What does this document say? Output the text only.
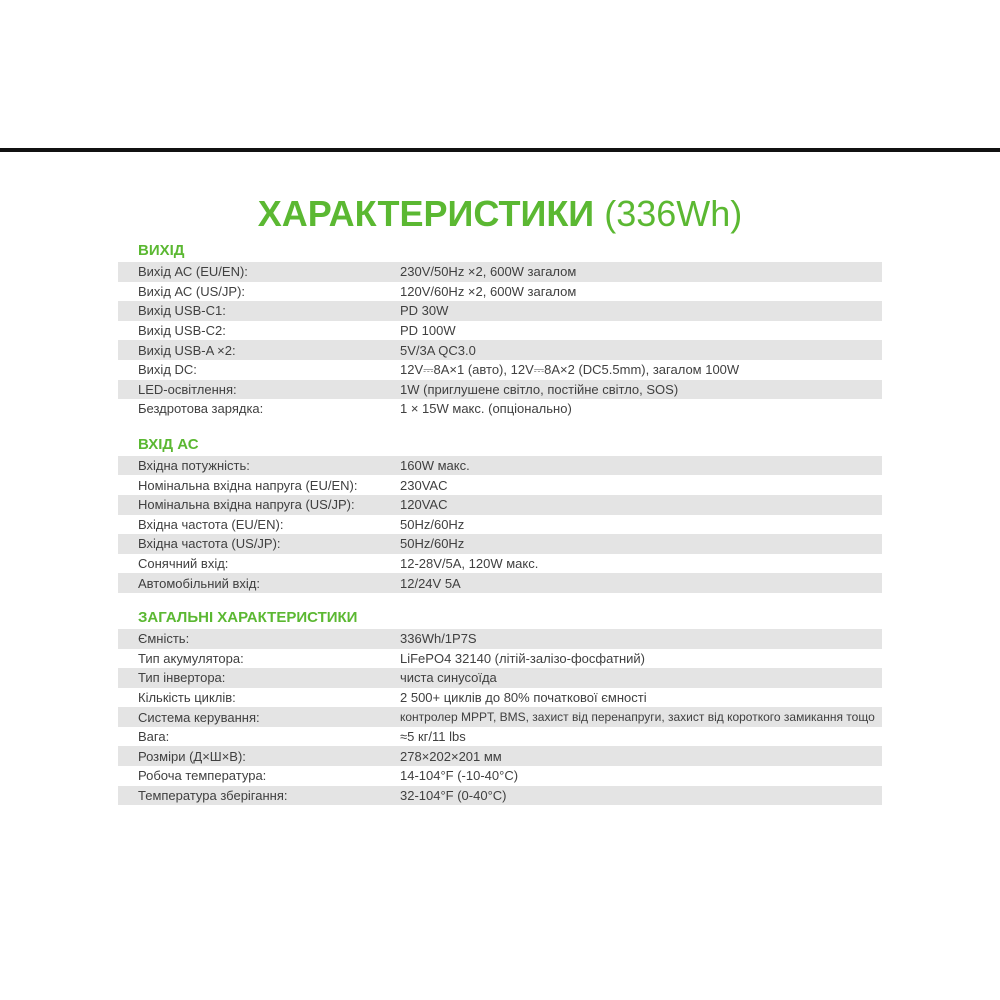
ХАРАКТЕРИСТИКИ (336Wh)
ВИХІД
Вихід АС (EU/EN):	230V/50Hz ×2, 600W загалом
Вихід АС (US/JP):	120V/60Hz ×2, 600W загалом
Вихід USB-C1:	PD 30W
Вихід USB-C2:	PD 100W
Вихід USB-A ×2:	5V/3A QC3.0
Вихід DC:	12V⎓8A×1 (авто), 12V⎓8A×2 (DC5.5mm), загалом 100W
LED-освітлення:	1W (приглушене світло, постійне світло, SOS)
Бездротова зарядка:	1 × 15W макс. (опціонально)
ВХІД АС
Вхідна потужність:	160W макс.
Номінальна вхідна напруга (EU/EN):	230VAC
Номінальна вхідна напруга (US/JP):	120VAC
Вхідна частота (EU/EN):	50Hz/60Hz
Вхідна частота (US/JP):	50Hz/60Hz
Сонячний вхід:	12-28V/5A, 120W макс.
Автомобільний вхід:	12/24V 5A
ЗАГАЛЬНІ ХАРАКТЕРИСТИКИ
Ємність:	336Wh/1P7S
Тип акумулятора:	LiFePO4 32140 (літій-залізо-фосфатний)
Тип інвертора:	чиста синусоїда
Кількість циклів:	2 500+ циклів до 80% початкової ємності
Система керування:	контролер MPPT, BMS, захист від перенапруги, захист від короткого замикання тощо
Вага:	≈5 кг/11 lbs
Розміри (Д×Ш×В):	278×202×201 мм
Робоча температура:	14-104°F (-10-40°C)
Температура зберігання:	32-104°F (0-40°C)
